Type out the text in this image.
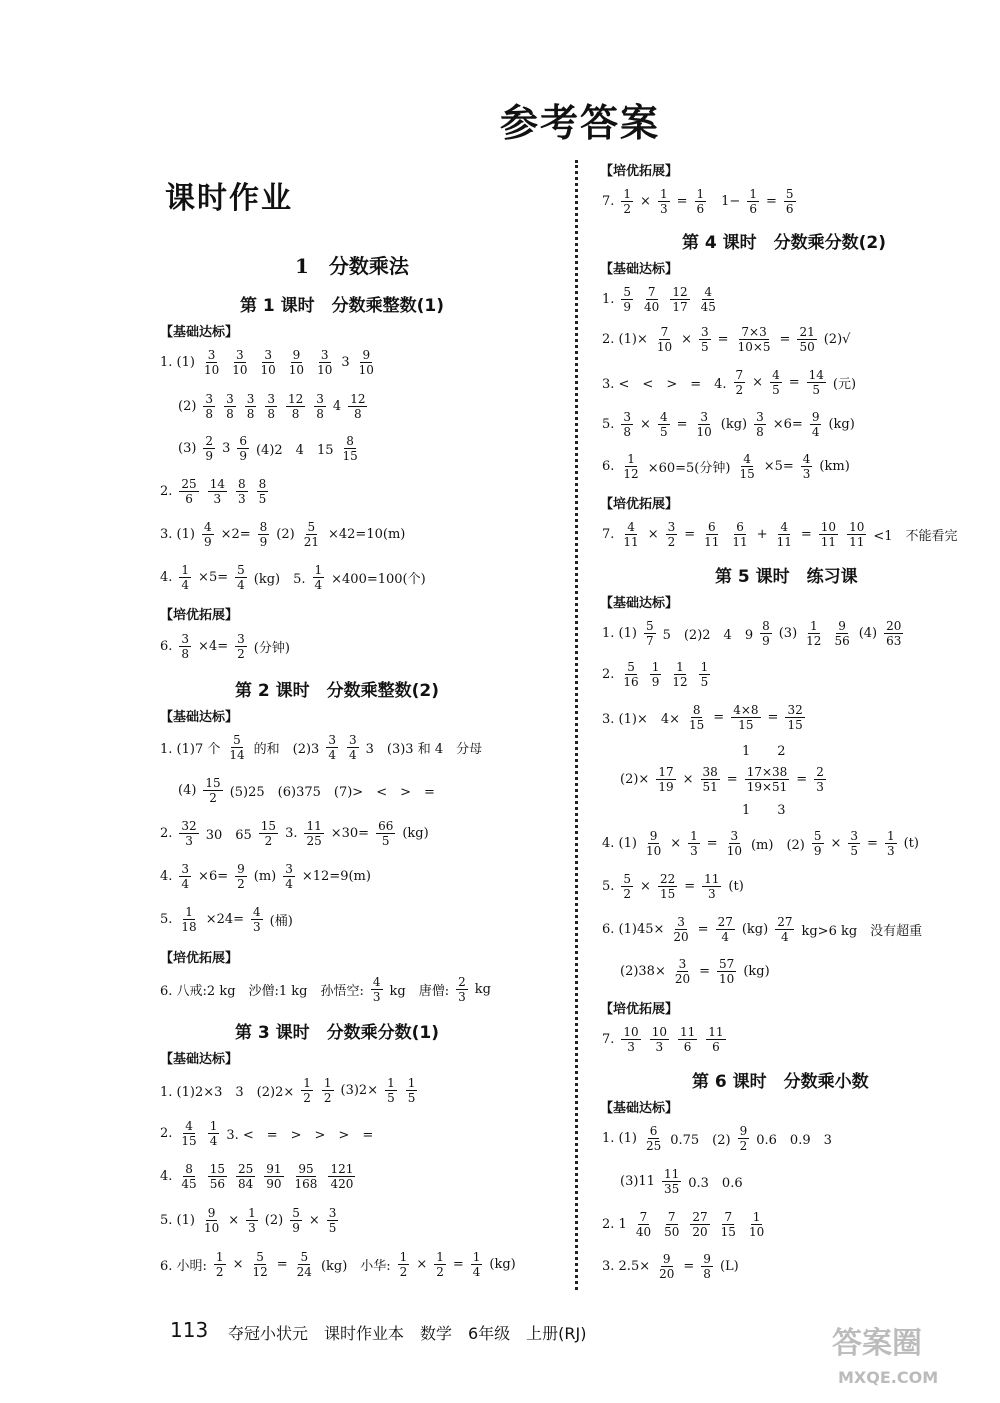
参考答案
课时作业
1　分数乘法
第 1 课时　分数乘整数(1)
【基础达标】
1. (1) 3
10
3
10
3
10
9
10
3
10 3 9
10
(2) 3
8
3
8
3
8
3
8
12
8
3
8 4 12
8
(3) 2
9 3 6
9 (4)2　4　15
8
15
2. 25
6
14
3
8
3
8
5
3. $(1) \frac{4}{9} \times 2= \frac{8}{9} (2) \frac{5}{21} \times 42=10(m)$
4. $\frac{1}{4} \times 5= \frac{5}{4} (kg)$　5. $\frac{1}{4} \times 400=100$(个)
【培优拓展】
6. $\frac{3}{8} \times 4= \frac{3}{2}$ (分钟)
第 2 课时　分数乘整数(2)
【基础达标】
1. (1)7 个
5
14 的和　(2)3
3
4
3
4 3　(3)3 和 4　分母
(4) 15
2 (5)25　(6)375　(7)>　<　>　=
2. 32
3 30　65
15
2 3. $\frac{11}{25} \times 30= \frac{66}{5} (kg)$
4. $\frac{3}{4} \times 6= \frac{9}{2} (m) \frac{3}{4} \times 12=9(m)$
5. $\frac{1}{18} \times 24= \frac{4}{3}$ (桶)
【培优拓展】
6. 八戒:2 kg　沙僧:1 kg　孙悟空:
4
3 kg　唐僧:
2
3 kg
第 3 课时　分数乘分数(1)
【基础达标】
1. (1)2×3　3　$(2)2\times \frac{1}{2} 1$
2 $(3)2\times \frac{1}{5} 1$
5
2. 4
15
1
4 3. <　=　>　>　>　=
4. 8
45
15
56
25
84
91
90
95
168
121
420
5. $(1) \frac{9}{10} \times \frac{1}{3} (2) \frac{5}{9} \times \frac{3}{5}$
6. 小明: $\frac{1}{2} \times \frac{5}{12} = \frac{5}{24} (kg)$　小华: $\frac{1}{2} \times \frac{1}{2} = \frac{1}{4} (kg)$
【培优拓展】
7. $\frac{1}{2} \times \frac{1}{3} = \frac{1}{6} 1- \frac{1}{6} = \frac{5}{6}$
第 4 课时　分数乘分数(2)
【基础达标】
1. 5
9
7
40
12
17
4
45
2. $(1)\times \frac{7}{10} \times \frac{3}{5} = \frac{7\times 3}{10\times 5} = \frac{21}{50} (2)√$
3. <　<　>　=　4. $\frac{7}{2} \times \frac{4}{5} = \frac{14}{5}$ (元)
5. $\frac{3}{8} \times \frac{4}{5} = \frac{3}{10} (kg) \frac{3}{8} \times 6= \frac{9}{4} (kg)$
6. $\frac{1}{12} \times 60=5$(分钟) $\frac{4}{15} \times 5= \frac{4}{3} (km)$
【培优拓展】
7. $\frac{4}{11} \times \frac{3}{2} = \frac{6}{11} 6$
$11 + \frac{4}{11} = \frac{10}{11} 10$
11 <1　不能看完
第 5 课时　练习课
【基础达标】
1. (1) 5
7 5　(2)2　4　9
8
9 (3) 1
12
9
56 (4) 20
63
2. 5
16
1
9
1
12
1
5
3. (1)×　$4\times \frac{8}{15} = \frac{4\times 8}{15} = \frac{32}{15}$
1 2
$(2)\times \frac{17}{19} \times \frac{38}{51} = \frac{17\times 38}{19\times 51} = \frac{2}{3}$
1 3
4. $(1) \frac{9}{10} \times \frac{1}{3} = \frac{3}{10} (m)$　$(2) \frac{5}{9} \times \frac{3}{5} = \frac{1}{3} (t)$
5. $\frac{5}{2} \times \frac{22}{15} = \frac{11}{3} (t)$
6. $(1)45\times \frac{3}{20} = \frac{27}{4} (kg)$ 27
4 kg>6 kg　没有超重
$(2)38\times \frac{3}{20} = \frac{57}{10} (kg)$
【培优拓展】
7. 10
3
10
3
11
6
11
6
第 6 课时　分数乘小数
【基础达标】
1. (1) 6
25 0.75　(2)
9
2 0.6　0.9　3
(3)11 11
35 0.3　0.6
2. 1 7
40
7
50
27
20
7
15
1
10
3. $2.5\times \frac{9}{20} = \frac{9}{8} (L)$
113 夺冠小状元　课时作业本　数学　6年级　上册(RJ)	答案圈
MXQE.COM
